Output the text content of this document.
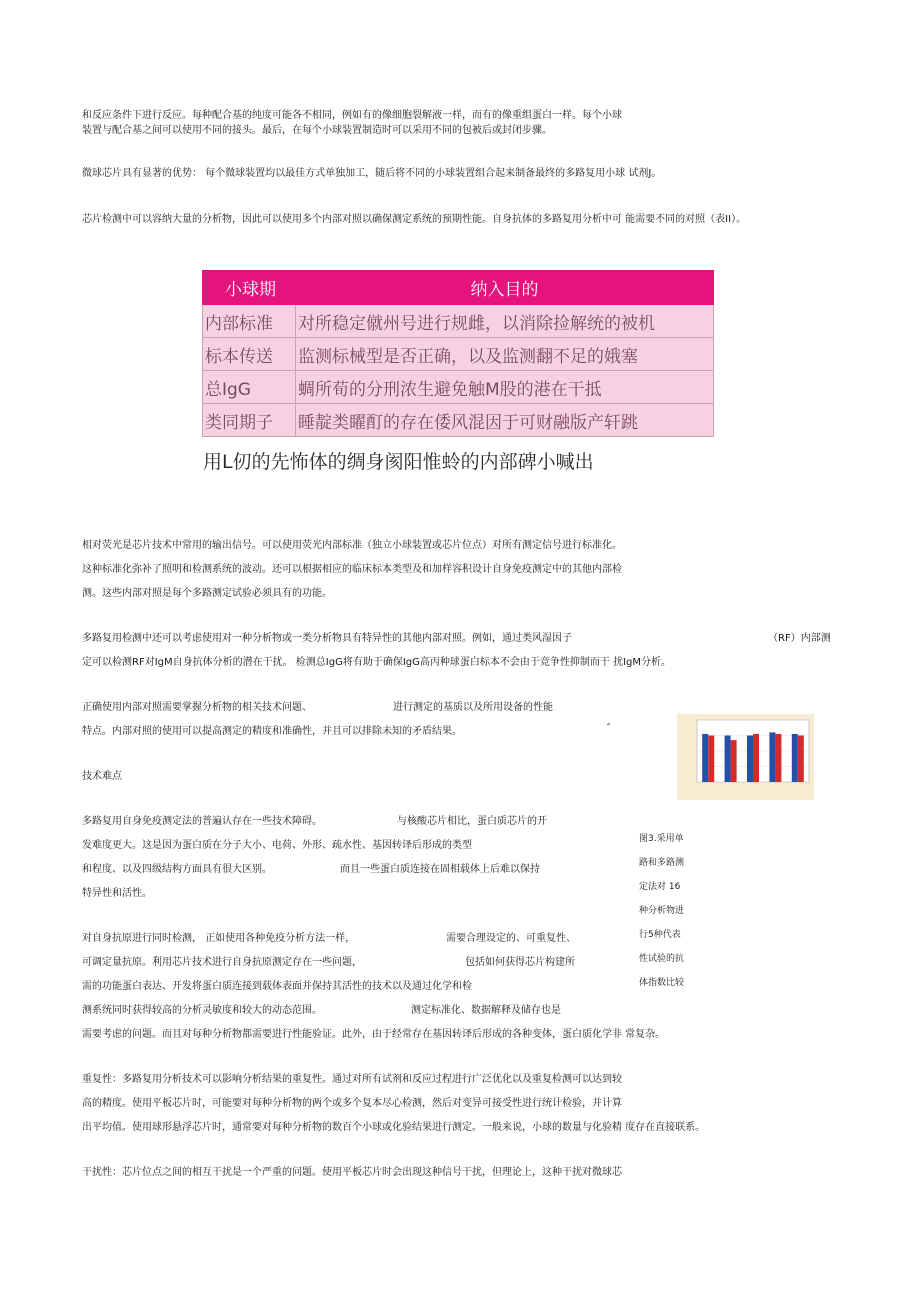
和反应条件下进行反应。每种配合基的纯度可能各不相同，例如有的像细胞裂解液一样，而有的像重组蛋白一样。每个小球
装置与配合基之间可以使用不同的接头。最后，在每个小球装置制造时可以采用不同的包被后或封闭步骤。
微球芯片具有显著的优势： 每个微球装置均以最佳方式单独加工，随后将不同的小球装置组合起来制备最终的多路复用小球 试剂J。
芯片检测中可以容纳大量的分析物，因此可以使用多个内部对照以确保测定系统的预期性能。自身抗体的多路复用分析中可 能需要不同的对照（表II）。
小球期	纳入目的
内部标准	对所稳定僦州号进行规雌，以消除捡解统的被机
标本传送	监测标械型是否正确，以及监测翻不足的娥塞
总IgG	蜩所荀的分刑浓生避免触M股的港在干抵
类同期子	睡靛类矅酊的存在倭风混因于可财融版产轩跳
用L仞的先怖体的绸身阂阳惟蛉的内部碑小喊出
相对荧光是芯片技术中常用的输出信号。可以使用荧光内部标准（独立小球装置或芯片位点）对所有测定信号进行标准化。
这种标准化弥补了照明和检测系统的波动。还可以根据相应的临床标本类型及和加样容积设计自身免疫测定中的其他内部检
测。这些内部对照是每个多路测定试验必须具有的功能。
多路复用检测中还可以考虑使用对一种分析物或一类分析物具有特异性的其他内部对照。例如，通过类风湿因子	（RF）内部测
定可以检测RF对IgM自身抗体分析的潜在干扰。 检测总IgG将有助于确保IgG高丙种球蛋白标本不会由于竞争性抑制而干 扰IgM分析。
正确使用内部对照需要掌握分析物的相关技术问题、	进行测定的基质以及所用设备的性能
特点。内部对照的使用可以提高测定的精度和准确性，并且可以排除未知的矛盾结果。	ˆ
技术难点
多路复用自身免疫测定法的普遍认存在一些技术障碍。	与核酸芯片相比，蛋白质芯片的开
发难度更大。这是因为蛋白质在分子大小、电荷、外形、疏水性、基因转译后形成的类型
和程度、以及四级结构方面具有很大区别。	而且一些蛋白质连接在固相载体上后难以保持
特异性和活性。
对自身抗原进行同时检测， 正如使用各种免疫分析方法一样，	需要合理设定的、可重复性、
可调定量抗原。利用芯片技术进行自身抗原测定存在一些问题，	包括如何获得芯片构建所
需的功能蛋白表达、开发将蛋白质连接到载体表面并保持其活性的技术以及通过化学和检
测系统同时获得较高的分析灵敏度和较大的动态范围。	测定标准化、数据解释及储存也是
需要考虑的问题。而且对每种分析物都需要进行性能验证。此外，由于经常存在基因转译后形成的各种变体，蛋白质化学非 常复杂。
重复性：多路复用分析技术可以影响分析结果的重复性。通过对所有试剂和反应过程进行广泛优化以及重复检测可以达到较
高的精度。使用平板芯片时，可能要对每种分析物的两个或多个复本尽心检测，然后对变异可接受性进行统计检验，并计算
出平均值。使用球形悬浮芯片时，通常要对每种分析物的数百个小球或化验结果进行测定。一般来说，小球的数量与化验精 度存在直接联系。
干扰性：芯片位点之间的相互干扰是一个严重的问题。使用平板芯片时会出现这种信号干扰，但理论上，这种干扰对微球芯
图3.采用单
路和多路测
定法对 16
种分析物进
行5种代表
性试验的抗
体指数比较
